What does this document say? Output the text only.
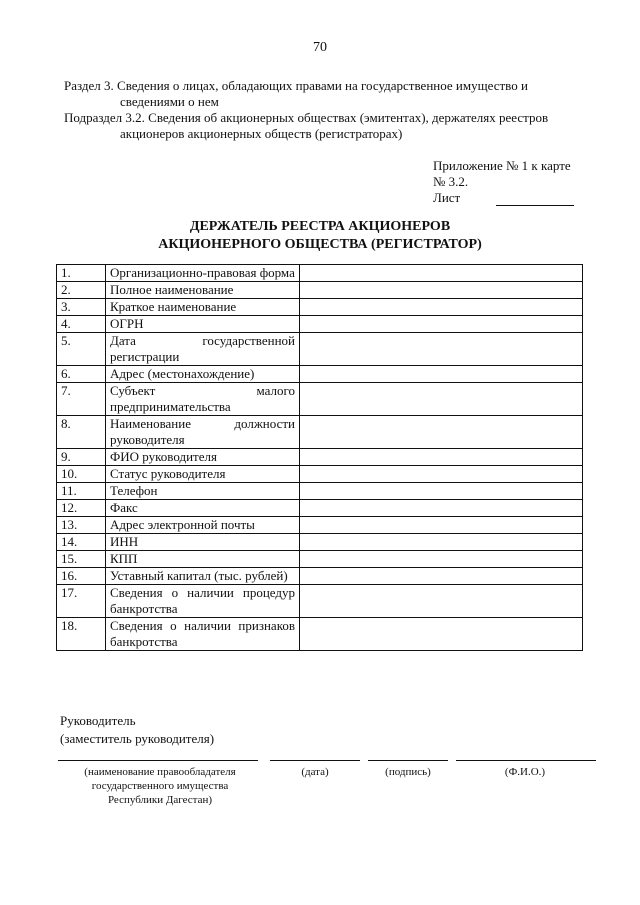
70
Раздел 3. Сведения о лицах, обладающих правами на государственное имущество и
сведениями о нем
Подраздел 3.2. Сведения об акционерных обществах (эмитентах), держателях реестров
акционеров акционерных обществ (регистраторах)
Приложение № 1 к карте
№ 3.2.
Лист
ДЕРЖАТЕЛЬ РЕЕСТРА АКЦИОНЕРОВ
АКЦИОНЕРНОГО ОБЩЕСТВА (РЕГИСТРАТОР)
1.	Организационно-правовая форма	
2.	Полное наименование	
3.	Краткое наименование	
4.	ОГРН	
5.	Дата государственной регистрации	
6.	Адрес (местонахождение)	
7.	Субъект малого предпринимательства	
8.	Наименование должности руководителя	
9.	ФИО руководителя	
10.	Статус руководителя	
11.	Телефон	
12.	Факс	
13.	Адрес электронной почты	
14.	ИНН	
15.	КПП	
16.	Уставный капитал (тыс. рублей)	
17.	Сведения о наличии процедур банкротства	
18.	Сведения о наличии признаков банкротства	
Руководитель
(заместитель руководителя)
(наименование правообладателя государственного имущества Республики Дагестан)
(дата)	(подпись)	(Ф.И.О.)
